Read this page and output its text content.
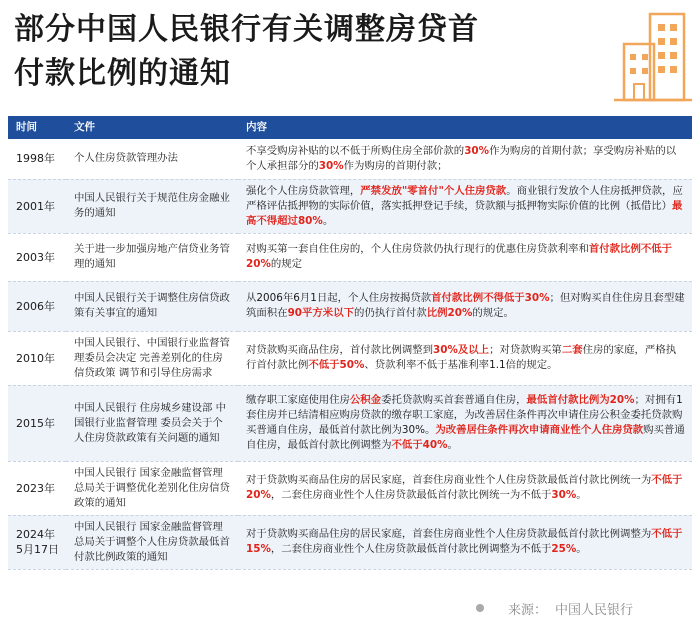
部分中国人民银行有关调整房贷首
付款比例的通知
时间	文件	内容
1998年	个人住房贷款管理办法	不享受购房补贴的以不低于所购住房全部价款的30%作为购房的首期付款；享受购房补贴的以个人承担部分的30%作为购房的首期付款；
2001年	中国人民银行关于规范住房金融业务的通知	强化个人住房贷款管理，严禁发放"零首付"个人住房贷款。商业银行发放个人住房抵押贷款，应严格评估抵押物的实际价值，落实抵押登记手续，贷款额与抵押物实际价值的比例（抵借比）最高不得超过80%。
2003年	关于进一步加强房地产信贷业务管理的通知	对购买第一套自住住房的，个人住房贷款仍执行现行的优惠住房贷款利率和首付款比例不低于20%的规定
2006年	中国人民银行关于调整住房信贷政策有关事宜的通知	从2006年6月1日起，个人住房按揭贷款首付款比例不得低于30%；但对购买自住住房且套型建筑面积在90平方米以下的仍执行首付款比例20%的规定。
2010年	中国人民银行、中国银行业监督管理委员会决定 完善差别化的住房信贷政策 调节和引导住房需求	对贷款购买商品住房，首付款比例调整到30%及以上；对贷款购买第二套住房的家庭，严格执行首付款比例不低于50%、贷款利率不低于基准利率1.1倍的规定。
2015年	中国人民银行 住房城乡建设部 中国银行业监督管理 委员会关于个人住房贷款政策有关问题的通知	缴存职工家庭使用住房公积金委托贷款购买首套普通自住房，最低首付款比例为20%；对拥有1套住房并已结清相应购房贷款的缴存职工家庭，为改善居住条件再次申请住房公积金委托贷款购买普通自住房，最低首付款比例为30%。为改善居住条件再次申请商业性个人住房贷款购买普通自住房，最低首付款比例调整为不低于40%。
2023年	中国人民银行 国家金融监督管理总局关于调整优化差别化住房信贷政策的通知	对于贷款购买商品住房的居民家庭，首套住房商业性个人住房贷款最低首付款比例统一为不低于20%，二套住房商业性个人住房贷款最低首付款比例统一为不低于30%。
2024年5月17日	中国人民银行 国家金融监督管理总局关于调整个人住房贷款最低首付款比例政策的通知	对于贷款购买商品住房的居民家庭，首套住房商业性个人住房贷款最低首付款比例调整为不低于15%，二套住房商业性个人住房贷款最低首付款比例调整为不低于25%。
来源： 中国人民银行
